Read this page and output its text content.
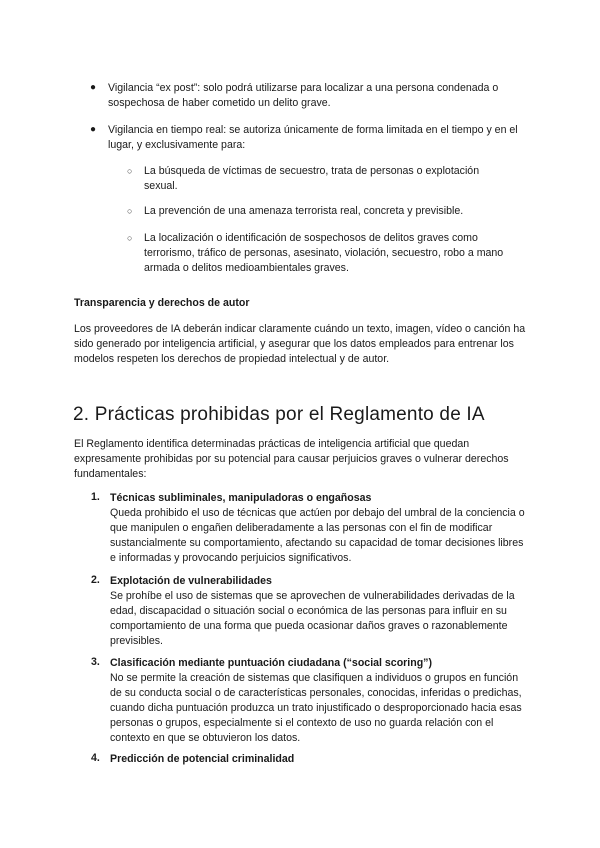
● Vigilancia “ex post”: solo podrá utilizarse para localizar a una persona condenada o sospechosa de haber cometido un delito grave.
● Vigilancia en tiempo real: se autoriza únicamente de forma limitada en el tiempo y en el lugar, y exclusivamente para:
○ La búsqueda de víctimas de secuestro, trata de personas o explotación sexual.
○ La prevención de una amenaza terrorista real, concreta y previsible.
○ La localización o identificación de sospechosos de delitos graves como terrorismo, tráfico de personas, asesinato, violación, secuestro, robo a mano armada o delitos medioambientales graves.
Transparencia y derechos de autor
Los proveedores de IA deberán indicar claramente cuándo un texto, imagen, vídeo o canción ha sido generado por inteligencia artificial, y asegurar que los datos empleados para entrenar los modelos respeten los derechos de propiedad intelectual y de autor.
2. Prácticas prohibidas por el Reglamento de IA
El Reglamento identifica determinadas prácticas de inteligencia artificial que quedan expresamente prohibidas por su potencial para causar perjuicios graves o vulnerar derechos fundamentales:
1. Técnicas subliminales, manipuladoras o engañosas
Queda prohibido el uso de técnicas que actúen por debajo del umbral de la conciencia o que manipulen o engañen deliberadamente a las personas con el fin de modificar sustancialmente su comportamiento, afectando su capacidad de tomar decisiones libres e informadas y provocando perjuicios significativos.
2. Explotación de vulnerabilidades
Se prohíbe el uso de sistemas que se aprovechen de vulnerabilidades derivadas de la edad, discapacidad o situación social o económica de las personas para influir en su comportamiento de una forma que pueda ocasionar daños graves o razonablemente previsibles.
3. Clasificación mediante puntuación ciudadana (“social scoring”)
No se permite la creación de sistemas que clasifiquen a individuos o grupos en función de su conducta social o de características personales, conocidas, inferidas o predichas, cuando dicha puntuación produzca un trato injustificado o desproporcionado hacia esas personas o grupos, especialmente si el contexto de uso no guarda relación con el contexto en que se obtuvieron los datos.
4. Predicción de potencial criminalidad
